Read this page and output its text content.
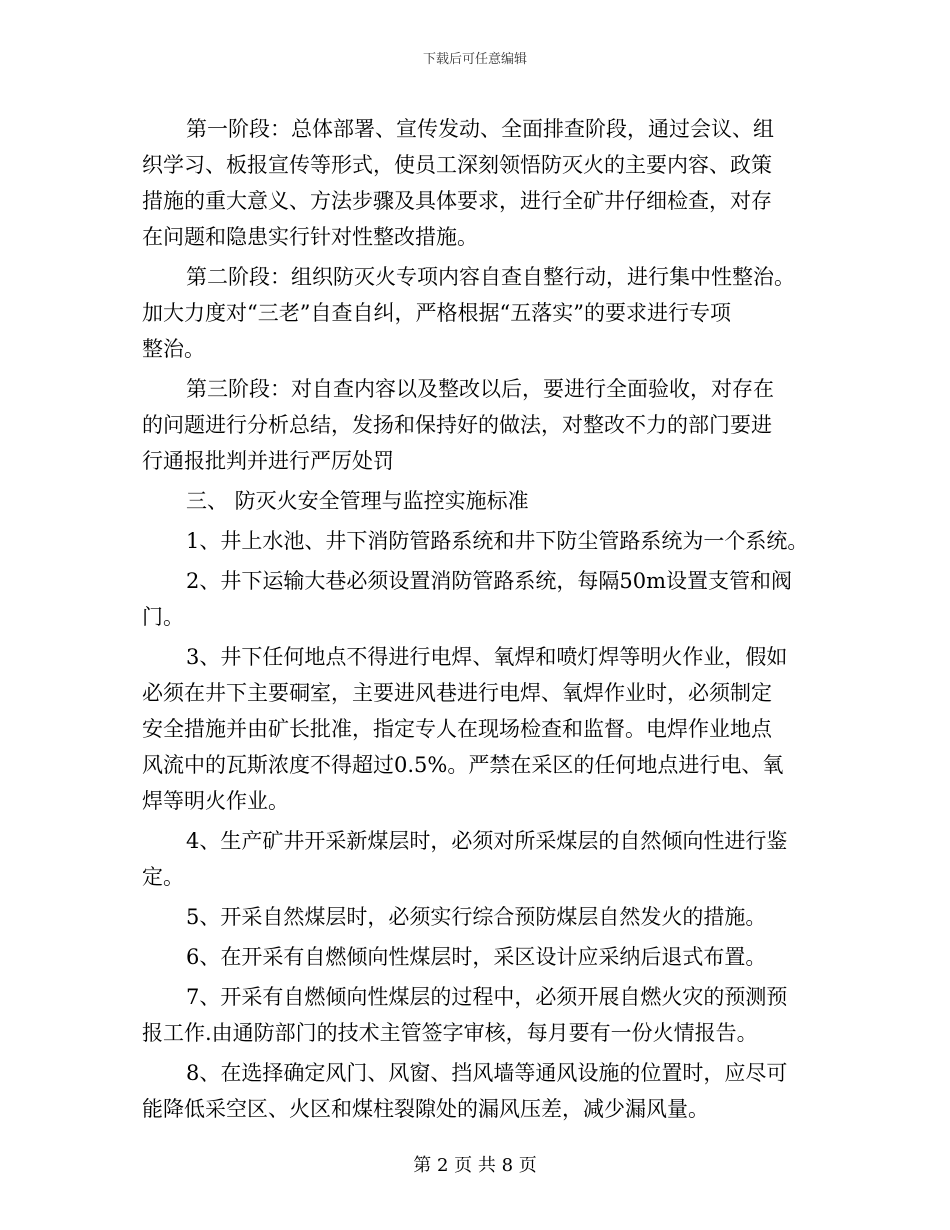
下载后可任意编辑
第一阶段：总体部署、宣传发动、全面排查阶段，通过会议、组
织学习、板报宣传等形式，使员工深刻领悟防灭火的主要内容、政策
措施的重大意义、方法步骤及具体要求，进行全矿井仔细检查，对存
在问题和隐患实行针对性整改措施。
第二阶段：组织防灭火专项内容自查自整行动，进行集中性整治。
加大力度对“三老”自查自纠，严格根据“五落实”的要求进行专项
整治。
第三阶段：对自查内容以及整改以后，要进行全面验收，对存在
的问题进行分析总结，发扬和保持好的做法，对整改不力的部门要进
行通报批判并进行严厉处罚
三、 防灭火安全管理与监控实施标准
1、井上水池、井下消防管路系统和井下防尘管路系统为一个系统。
2、井下运输大巷必须设置消防管路系统，每隔50m设置支管和阀
门。
3、井下任何地点不得进行电焊、氧焊和喷灯焊等明火作业，假如
必须在井下主要硐室，主要进风巷进行电焊、氧焊作业时，必须制定
安全措施并由矿长批准，指定专人在现场检查和监督。电焊作业地点
风流中的瓦斯浓度不得超过0.5%。严禁在采区的任何地点进行电、氧
焊等明火作业。
4、生产矿井开采新煤层时，必须对所采煤层的自然倾向性进行鉴
定。
5、开采自然煤层时，必须实行综合预防煤层自然发火的措施。
6、在开采有自燃倾向性煤层时，采区设计应采纳后退式布置。
7、开采有自燃倾向性煤层的过程中，必须开展自燃火灾的预测预
报工作.由通防部门的技术主管签字审核，每月要有一份火情报告。
8、在选择确定风门、风窗、挡风墙等通风设施的位置时，应尽可
能降低采空区、火区和煤柱裂隙处的漏风压差，减少漏风量。
第 2 页 共 8 页
